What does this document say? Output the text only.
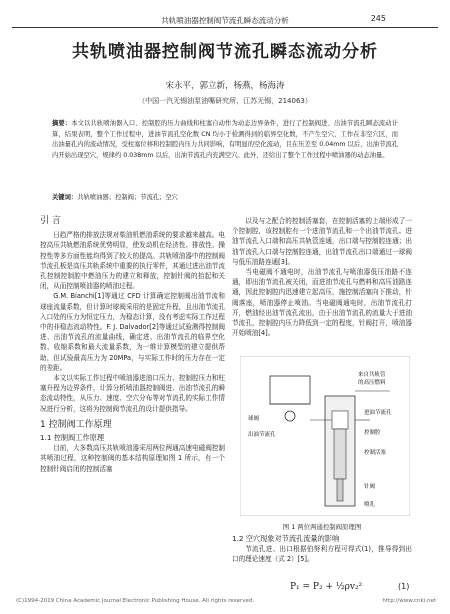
共轨喷油器控制阀节流孔瞬态流动分析	245
共轨喷油器控制阀节流孔瞬态流动分析
宋永平，郭立新，杨燕，杨海涛
（中国一汽无锡油泵油嘴研究所，江苏无锡，214063）
摘要：本文以共轨喷油器入口、控制腔的压力曲线和柱塞自动作为动态边界条件，进行了控制阀进、出油节流孔瞬态流动计算，结果表明，整个工作过程中，进油节流孔空化数 CN 均小于检测得到的临界空化数，不产生空穴，工作在非空穴区，而出油量孔内的流动情况，受柱塞位移和控制腔内压力共同影响，有明显的空化流动，且在压差至 0.04mm 以后，出油节流孔内开始出现空穴，规律约 0.038mm 以后，出油节流孔内充满空穴。此外，还给出了整个工作过程中喷油器的动态油量。
关键词：共轨喷油器；控制阀；节流孔；空穴
引 言

日趋严格的排放法规对柴油机燃油系统的要求越来越高。电控高压共轨燃油系统优势明显，使发动机在经济性、排放性、操控性等多方面性能均得到了较大的提高。共轨喷油器中的控制阀节流孔板是高压共轨系统中重要的执行零件，其通过进出油节流孔控制控制腔中燃油压力的建立和释放，控制针阀的抬起和关闭，从而控制喷油器的喷油过程。

G.M. Bianchi[1]等通过 CFD 计算确定控制阀出油节流和球座流量系数，但计算时球阀采用的是固定升程，且出油节流孔入口处的压力为恒定压力，为稳态计算，没有考虑实际工作过程中的非稳态流动特性。F. J. Dalvador[2]等通过试验测得控制阀进、出油节流孔的流量曲线，确定进、出油节流孔的临界空化数、收缩系数和最大流量系数，为一维计算模型的建立提供帮助，但试验最高压力为 20MPa，与实际工作时的压力存在一定的差距。

本文以实际工作过程中喷油器进油口压力、控制腔压力和柱塞升程为边界条件，计算分析喷油器控制阀进、出油节流孔的瞬态流动特性，从压力、速度、空穴分布等对节流孔的实际工作情况进行分析，这将为控制阀节流孔的设计提供指导。

1 控制阀工作原理
1.1 控制阀工作原理

目前，大多数高压共轨喷油器采用两位两通高速电磁阀控制其喷油过程，这种控制阀的基本结构原理如图 1 所示，有一个控制针阀启闭的控制活塞

以及与之配合的控制活塞套，在控制活塞的上端形成了一个控制腔，该控制腔有一个进油节流孔和一个出油节流孔。进油节流孔入口端和高压共轨管连通，出口端与控制腔连通；出油节流孔入口端与控制腔连通，出油节流孔出口端通过一球阀与低压油路连通[3]。

当电磁阀不通电时，出油节流孔与喷油器低压油路不连通，即出油节流孔被关闭，而进油节流孔与燃料和高压油路连通，因此控制腔内迅速建立起高压，施控制活塞向下推动，针阀落座，喷油器停止喷油。当电磁阀通电时，出油节流孔打开，燃油经出油节流孔流出，由于出油节流孔的流量大于进油节流孔，控制腔内压力降低到一定的程度，针阀打开，喷油器开始喷油[4]。

来自共轨管
的高压燃料
球阀
进油节流孔
出油节流孔	控制腔
控制活塞
针阀
喷孔
图 1 两位两通控制阀原理图
1.2 空穴现象对节流孔流量的影响

节流孔进、出口根据伯努利方程可得式(1)，推导得到出口的理论速度（式 2）[5]。

P₁ = P₂ + ½ρv₂²	(1)
(C)1994-2019 China Academic Journal Electronic Publishing House. All rights reserved.	http://www.cnki.net
